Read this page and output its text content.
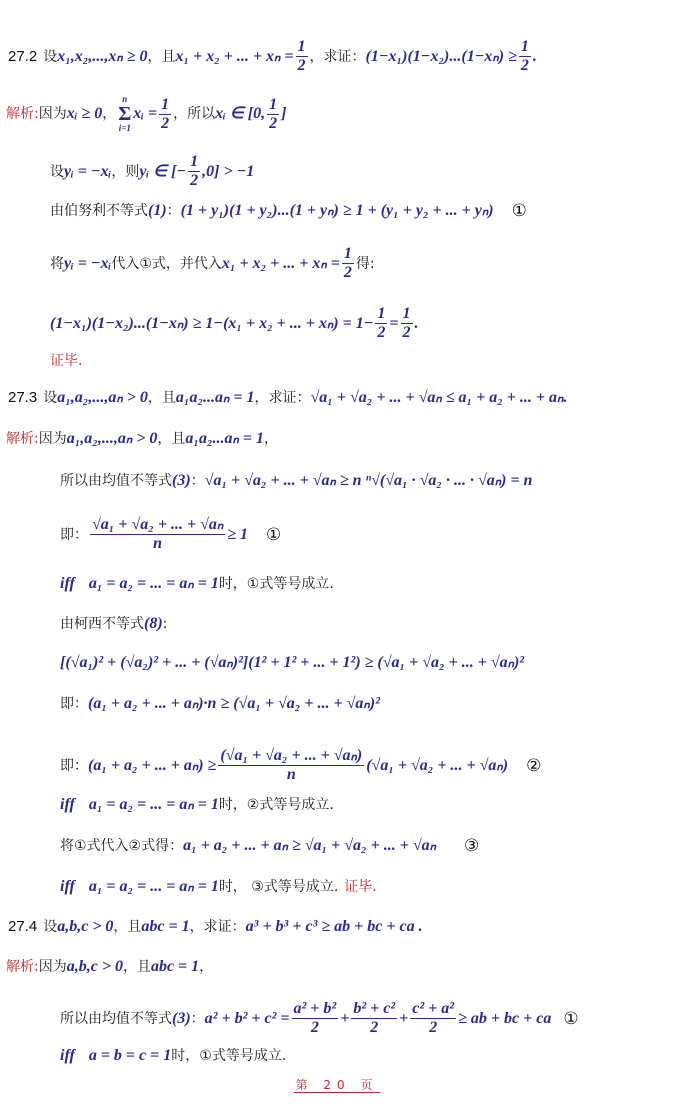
27.2 设 x₁,x₂,...,xₙ ≥ 0 ，且 x₁ + x₂ + ... + $x_n = \frac{1}{2}$ ，求证： $(1-x_1)(1-x_2)...(1-x_n) \ge \frac{1}{2}$ .
解析: 因为 xᵢ ≥ 0 ，
n
Σ
i=1
xᵢ = $\frac{1}{2}$ ，所以 xᵢ ∈ [0, $\frac{1}{2}$ ]
设 yᵢ = −xᵢ ，则 yᵢ ∈ [− $\frac{1}{2} ,0] > -1$
由伯努利不等式 (1) ： (1 + y₁)(1 + y₂)...(1 + yₙ) ≥ 1 + (y₁ + y₂ + ... + yₙ) ①
将 yᵢ = −xᵢ 代入①式，并代入 x₁ + x₂ + ... + $x_n = \frac{1}{2}$ 得:
(1−x₁)(1−x₂)...(1−xₙ) ≥ 1−(x₁ + x₂ + ... + $x_n) = 1- \frac{1}{2} = \frac{1}{2}$ .
证毕.
27.3 设 a₁,a₂,...,aₙ > 0 ，且 a₁a₂...aₙ = 1 ，求证： √a₁ + √a₂ + ... + √aₙ ≤ a₁ + a₂ + ... + aₙ.
解析: 因为 a₁,a₂,...,aₙ > 0 ，且 a₁a₂...aₙ = 1 ，
所以由均值不等式 (3) ： √a₁ + √a₂ + ... + √aₙ ≥ n ⁿ√(√a₁ · √a₂ · ... · √aₙ) = n
即： $\frac{\text{√a₁ + √a₂ + ... + √aₙ}}{n} \ge 1$ ①
iff a₁ = a₂ = ... = aₙ = 1 时，①式等号成立.
由柯西不等式 (8) :
[(√a₁)² + (√a₂)² + ... + (√aₙ)²](1² + 1² + ... + 1²) ≥ (√a₁ + √a₂ + ... + √aₙ)²
即： (a₁ + a₂ + ... + aₙ)·n ≥ (√a₁ + √a₂ + ... + √aₙ)²
即： (a₁ + a₂ + ... + $a_n) \ge \frac{\text{(√a₁ + √a₂ + ... + √aₙ)}}{n} (√a_1 + √a_2$ + ... + √aₙ) ②
iff a₁ = a₂ = ... = aₙ = 1 时，②式等号成立.
将①式代入②式得： a₁ + a₂ + ... + aₙ ≥ √a₁ + √a₂ + ... + √aₙ ③
iff a₁ = a₂ = ... = aₙ = 1 时， ③式等号成立. 证毕.
27.4 设 a,b,c > 0 ，且 abc = 1 ，求证： a³ + b³ + c³ ≥ ab + bc + ca .
解析: 因为 a,b,c > 0 ，且 abc = 1 ，
所以由均值不等式 (3) ： $a^2 + b^2 + c^2 = \frac{\text{a² + b²}}{2} + \frac{\text{b² + c²}}{2} + \frac{\text{c² + a²}}{2}$ ≥ ab + bc + ca ①
iff a = b = c = 1 时，①式等号成立.
第 20 页
